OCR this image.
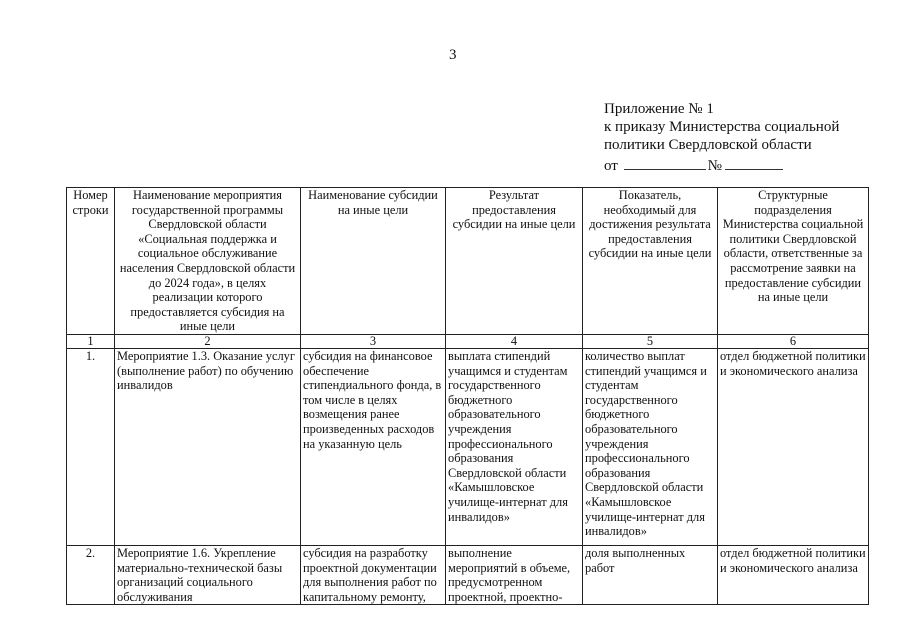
3
Приложение № 1
к приказу Министерства социальной
политики Свердловской области
от	№
Номер строки	Наименование мероприятия государственной программы Свердловской области «Социальная поддержка и социальное обслуживание населения Свердловской области до 2024 года», в целях реализации которого предоставляется субсидия на иные цели	Наименование субсидии на иные цели	Результат предоставления субсидии на иные цели	Показатель, необходимый для достижения результата предоставления субсидии на иные цели	Структурные подразделения Министерства социальной политики Свердловской области, ответственные за рассмотрение заявки на предоставление субсидии на иные цели
1	2	3	4	5	6
1.	Мероприятие 1.3. Оказание услуг (выполнение работ) по обучению инвалидов	субсидия на финансовое обеспечение стипендиального фонда, в том числе в целях возмещения ранее произведенных расходов на указанную цель	выплата стипендий учащимся и студентам государственного бюджетного образовательного учреждения профессионального образования Свердловской области «Камышловское училище-интернат для инвалидов»	количество выплат стипендий учащимся и студентам государственного бюджетного образовательного учреждения профессионального образования Свердловской области «Камышловское училище-интернат для инвалидов»	отдел бюджетной политики и экономического анализа
2.	Мероприятие 1.6. Укрепление материально-технической базы организаций социального обслуживания	субсидия на разработку проектной документации для выполнения работ по капитальному ремонту,	выполнение мероприятий в объеме, предусмотренном проектной, проектно-	доля выполненных работ	отдел бюджетной политики и экономического анализа
